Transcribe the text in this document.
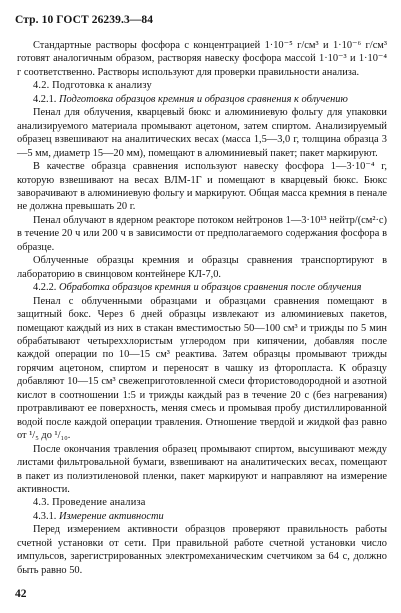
Стр. 10 ГОСТ 26239.3—84

Стандартные растворы фосфора с концентрацией 1·10⁻⁵ г/см³ и 1·10⁻⁶ г/см³ готовят аналогичным образом, растворяя навеску фосфора массой 1·10⁻³ и 1·10⁻⁴ г соответственно. Растворы используют для проверки правильности анализа.

4.2. Подготовка к анализу

4.2.1. Подготовка образцов кремния и образцов сравнения к облучению

Пенал для облучения, кварцевый бюкс и алюминиевую фольгу для упаковки анализируемого материала промывают ацетоном, затем спиртом. Анализируемый образец взвешивают на аналитических весах (масса 1,5—3,0 г, толщина образца 3—5 мм, диаметр 15—20 мм), помещают в алюминиевый пакет; пакет маркируют.

В качестве образца сравнения используют навеску фосфора 1—3·10⁻⁴ г, которую взвешивают на весах ВЛМ-1Г и помещают в кварцевый бюкс. Бюкс заворачивают в алюминиевую фольгу и маркируют. Общая масса кремния в пенале не должна превышать 20 г.

Пенал облучают в ядерном реакторе потоком нейтронов 1—3·10¹³ нейтр/(см²·с) в течение 20 ч или 200 ч в зависимости от предполагаемого содержания фосфора в образце.

Облученные образцы кремния и образцы сравнения транспортируют в лабораторию в свинцовом контейнере КЛ-7,0.

4.2.2. Обработка образцов кремния и образцов сравнения после облучения

Пенал с облученными образцами и образцами сравнения помещают в защитный бокс. Через 6 дней образцы извлекают из алюминиевых пакетов, помещают каждый из них в стакан вместимостью 50—100 см³ и трижды по 5 мин обрабатывают четыреххлористым углеродом при кипячении, добавляя после каждой операции по 10—15 см³ реактива. Затем образцы промывают трижды горячим ацетоном, спиртом и переносят в чашку из фторопласта. К образцу добавляют 10—15 см³ свежеприготовленной смеси фтористоводородной и азотной кислот в соотношении 1:5 и трижды каждый раз в течение 20 с (без нагревания) протравливают ее поверхность, меняя смесь и промывая пробу дистиллированной водой после каждой операции травления. Отношение твердой и жидкой фаз равно от ¹/₅ до ¹/₁₀.

После окончания травления образец промывают спиртом, высушивают между листами фильтровальной бумаги, взвешивают на аналитических весах, помещают в пакет из полиэтиленовой пленки, пакет маркируют и направляют на измерение активности.

4.3. Проведение анализа

4.3.1. Измерение активности

Перед измерением активности образцов проверяют правильность работы счетной установки от сети. При правильной работе счетной установки число импульсов, зарегистрированных электромеханическим счетчиком за 64 с, должно быть равно 50.

42
